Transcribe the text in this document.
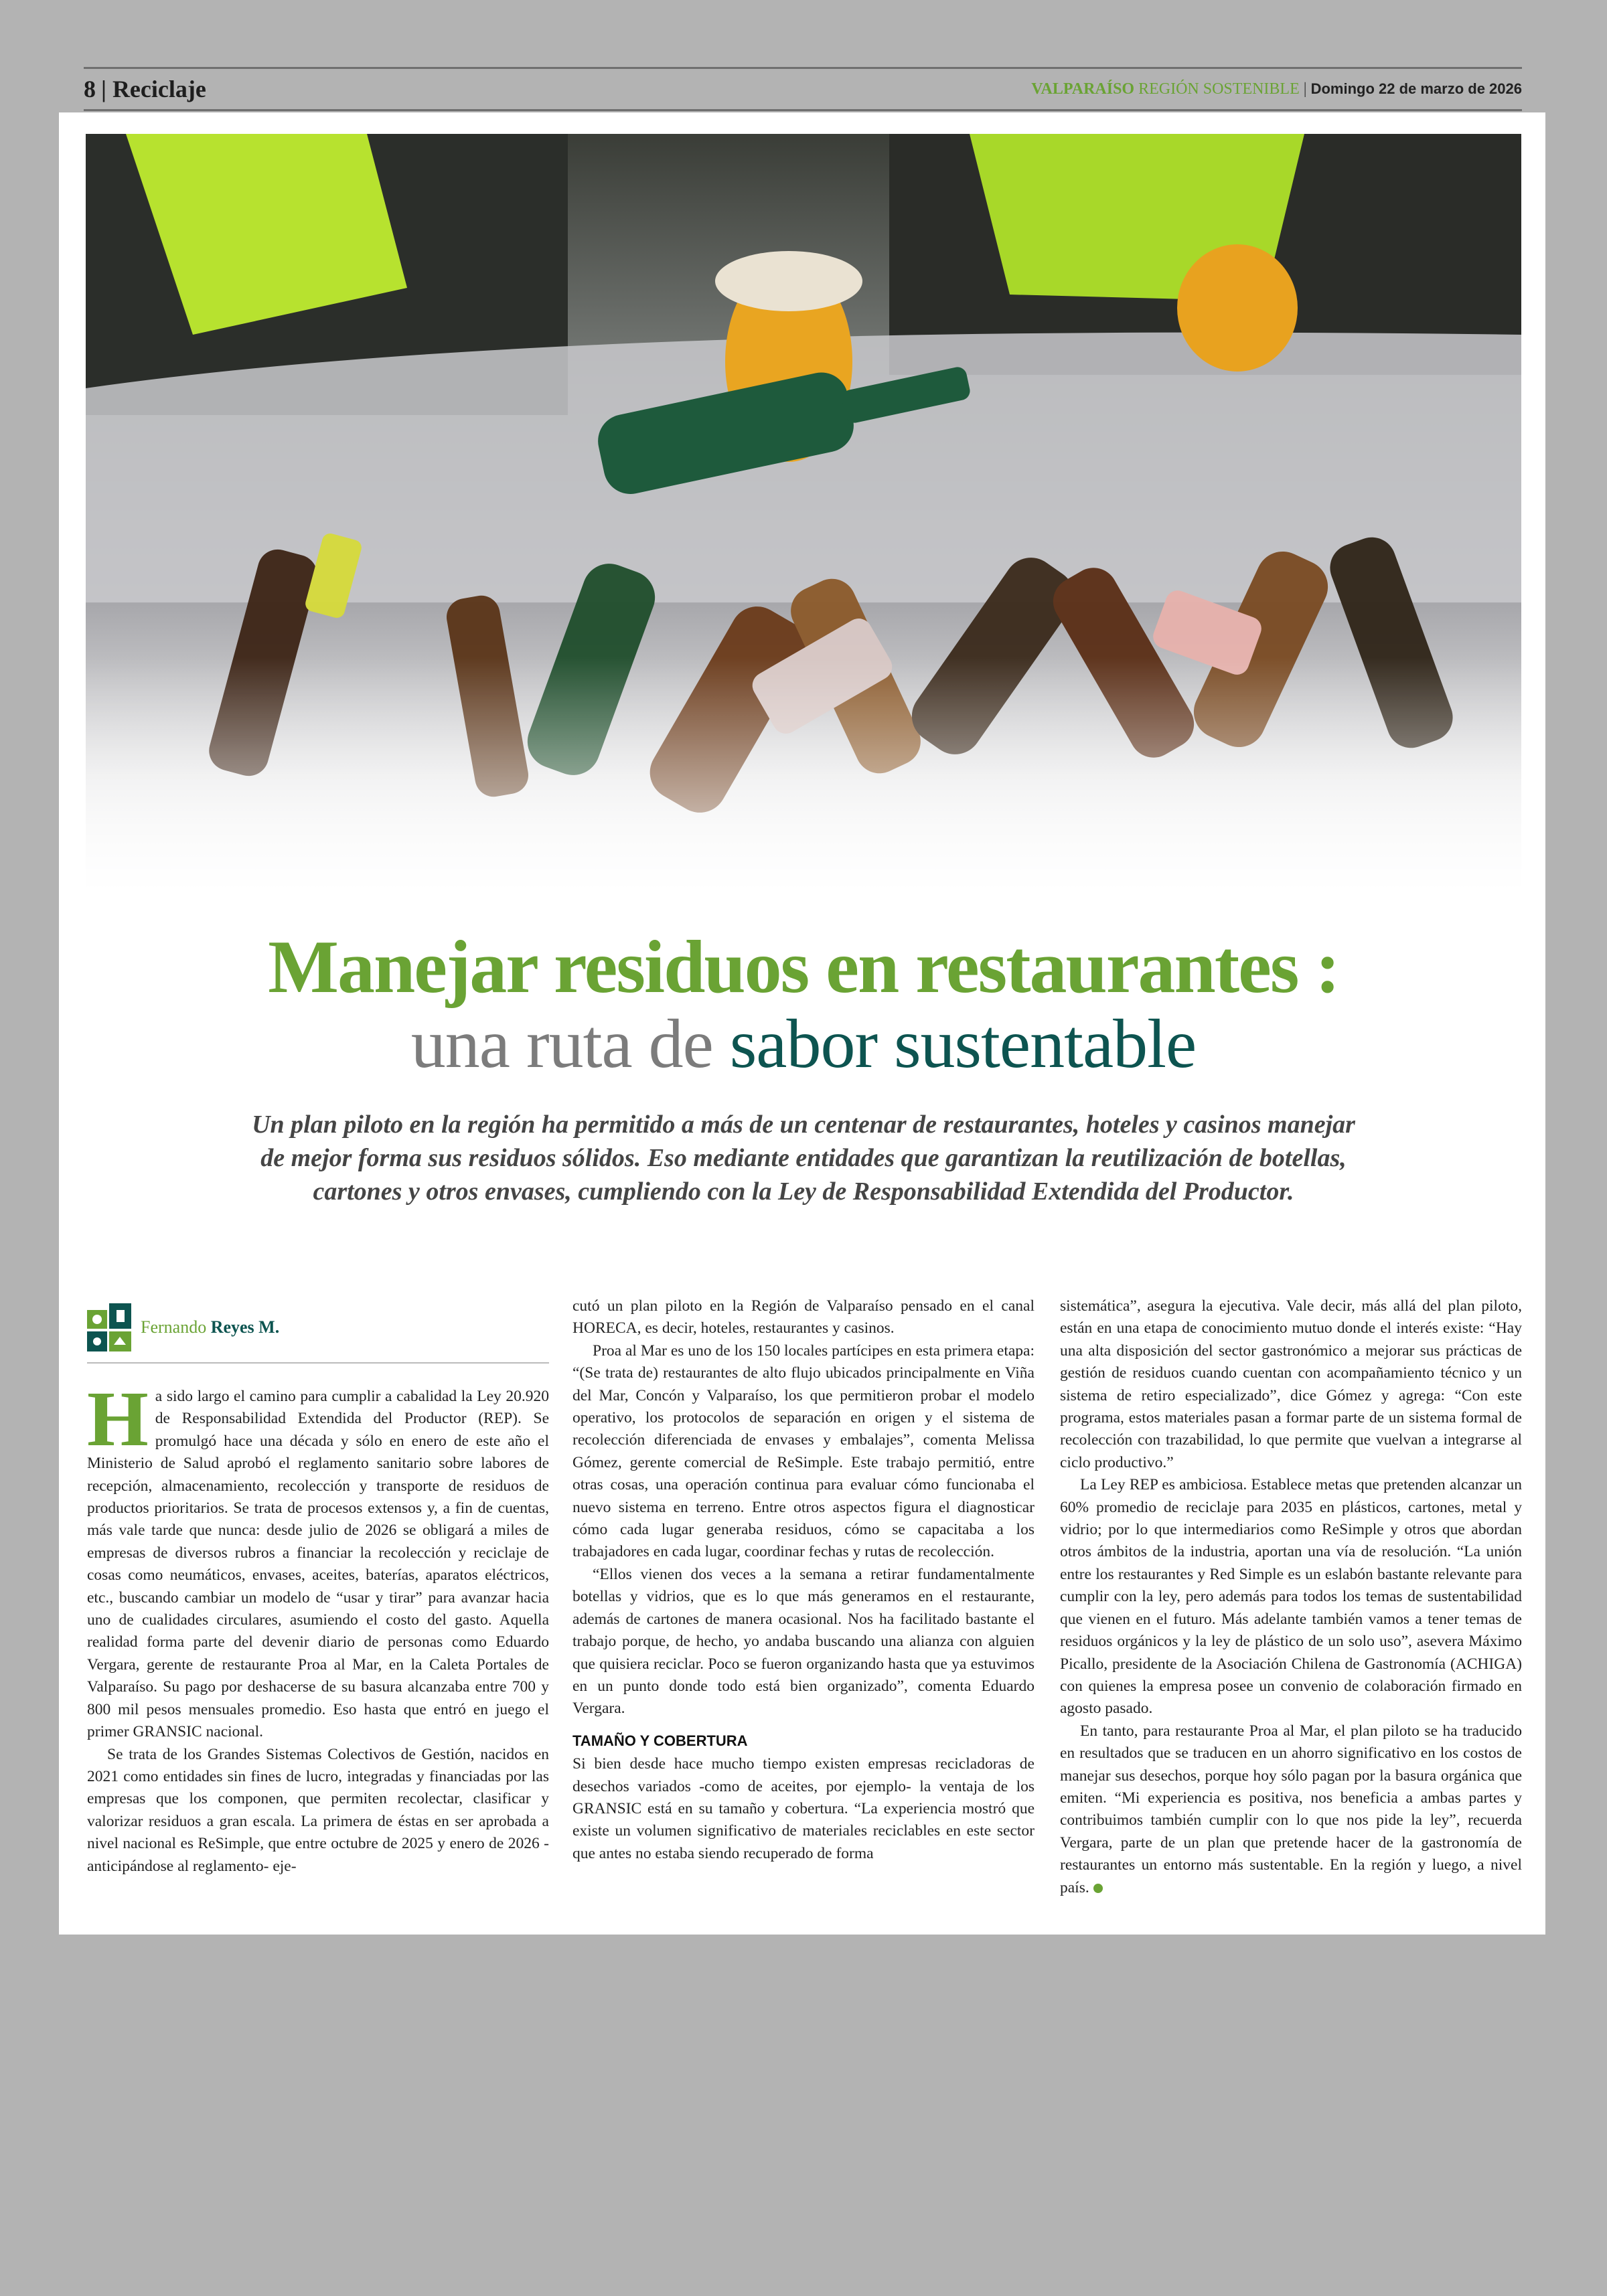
8 | Reciclaje	VALPARAÍSO REGIÓN SOSTENIBLE | Domingo 22 de marzo de 2026
Manejar residuos en restaurantes :
una ruta de sabor sustentable
Un plan piloto en la región ha permitido a más de un centenar de restaurantes, hoteles y casinos manejar de mejor forma sus residuos sólidos. Eso mediante entidades que garantizan la reutilización de botellas, cartones y otros envases, cumpliendo con la Ley de Responsabilidad Extendida del Productor.
Fernando Reyes M.

Ha sido largo el camino para cumplir a cabalidad la Ley 20.920 de Responsabilidad Extendida del Productor (REP). Se promulgó hace una década y sólo en enero de este año el Ministerio de Salud aprobó el reglamento sanitario sobre labores de recepción, almacenamiento, recolección y transporte de residuos de productos prioritarios. Se trata de procesos extensos y, a fin de cuentas, más vale tarde que nunca: desde julio de 2026 se obligará a miles de empresas de diversos rubros a financiar la recolección y reciclaje de cosas como neumáticos, envases, aceites, baterías, aparatos eléctricos, etc., buscando cambiar un modelo de “usar y tirar” para avanzar hacia uno de cualidades circulares, asumiendo el costo del gasto. Aquella realidad forma parte del devenir diario de personas como Eduardo Vergara, gerente de restaurante Proa al Mar, en la Caleta Portales de Valparaíso. Su pago por deshacerse de su basura alcanzaba entre 700 y 800 mil pesos mensuales promedio. Eso hasta que entró en juego el primer GRANSIC nacional.

Se trata de los Grandes Sistemas Colectivos de Gestión, nacidos en 2021 como entidades sin fines de lucro, integradas y financiadas por las empresas que los componen, que permiten recolectar, clasificar y valorizar residuos a gran escala. La primera de éstas en ser aprobada a nivel nacional es ReSimple, que entre octubre de 2025 y enero de 2026 -anticipándose al reglamento- eje-

cutó un plan piloto en la Región de Valparaíso pensado en el canal HORECA, es decir, hoteles, restaurantes y casinos.

Proa al Mar es uno de los 150 locales partícipes en esta primera etapa: “(Se trata de) restaurantes de alto flujo ubicados principalmente en Viña del Mar, Concón y Valparaíso, los que permitieron probar el modelo operativo, los protocolos de separación en origen y el sistema de recolección diferenciada de envases y embalajes”, comenta Melissa Gómez, gerente comercial de ReSimple. Este trabajo permitió, entre otras cosas, una operación continua para evaluar cómo funcionaba el nuevo sistema en terreno. Entre otros aspectos figura el diagnosticar cómo cada lugar generaba residuos, cómo se capacitaba a los trabajadores en cada lugar, coordinar fechas y rutas de recolección.

“Ellos vienen dos veces a la semana a retirar fundamentalmente botellas y vidrios, que es lo que más generamos en el restaurante, además de cartones de manera ocasional. Nos ha facilitado bastante el trabajo porque, de hecho, yo andaba buscando una alianza con alguien que quisiera reciclar. Poco se fueron organizando hasta que ya estuvimos en un punto donde todo está bien organizado”, comenta Eduardo Vergara.

TAMAÑO Y COBERTURA

Si bien desde hace mucho tiempo existen empresas recicladoras de desechos variados -como de aceites, por ejemplo- la ventaja de los GRANSIC está en su tamaño y cobertura. “La experiencia mostró que existe un volumen significativo de materiales reciclables en este sector que antes no estaba siendo recuperado de forma

sistemática”, asegura la ejecutiva. Vale decir, más allá del plan piloto, están en una etapa de conocimiento mutuo donde el interés existe: “Hay una alta disposición del sector gastronómico a mejorar sus prácticas de gestión de residuos cuando cuentan con acompañamiento técnico y un sistema de retiro especializado”, dice Gómez y agrega: “Con este programa, estos materiales pasan a formar parte de un sistema formal de recolección con trazabilidad, lo que permite que vuelvan a integrarse al ciclo productivo.”

La Ley REP es ambiciosa. Establece metas que pretenden alcanzar un 60% promedio de reciclaje para 2035 en plásticos, cartones, metal y vidrio; por lo que intermediarios como ReSimple y otros que abordan otros ámbitos de la industria, aportan una vía de resolución. “La unión entre los restaurantes y Red Simple es un eslabón bastante relevante para cumplir con la ley, pero además para todos los temas de sustentabilidad que vienen en el futuro. Más adelante también vamos a tener temas de residuos orgánicos y la ley de plástico de un solo uso”, asevera Máximo Picallo, presidente de la Asociación Chilena de Gastronomía (ACHIGA) con quienes la empresa posee un convenio de colaboración firmado en agosto pasado.

En tanto, para restaurante Proa al Mar, el plan piloto se ha traducido en resultados que se traducen en un ahorro significativo en los costos de manejar sus desechos, porque hoy sólo pagan por la basura orgánica que emiten. “Mi experiencia es positiva, nos beneficia a ambas partes y contribuimos también cumplir con lo que nos pide la ley”, recuerda Vergara, parte de un plan que pretende hacer de la gastronomía de restaurantes un entorno más sustentable. En la región y luego, a nivel país.
